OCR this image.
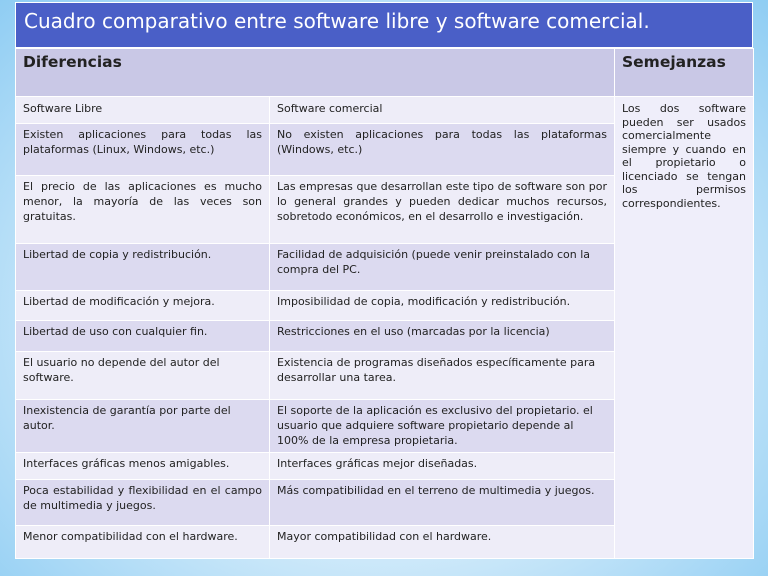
Cuadro comparativo entre software libre y software comercial.
Diferencias		Semejanzas
Software Libre	Software comercial	Los dos software pueden ser usados comercialmente siempre y cuando en el propietario o licenciado se tengan los permisos correspondientes.
Existen aplicaciones para todas las plataformas (Linux, Windows, etc.)	No existen aplicaciones para todas las plataformas (Windows, etc.)	
El precio de las aplicaciones es mucho menor, la mayoría de las veces son gratuitas.	Las empresas que desarrollan este tipo de software son por lo general grandes y pueden dedicar muchos recursos, sobretodo económicos, en el desarrollo e investigación.	
Libertad de copia y redistribución.	Facilidad de adquisición (puede venir preinstalado con la compra del PC.	
Libertad de modificación y mejora.	Imposibilidad de copia, modificación y redistribución.	
Libertad de uso con cualquier fin.	Restricciones en el uso (marcadas por la licencia)	
El usuario no depende del autor del software.	Existencia de programas diseñados específicamente para desarrollar una tarea.	
Inexistencia de garantía por parte del autor.	El soporte de la aplicación es exclusivo del propietario. el usuario que adquiere software propietario depende al 100% de la empresa propietaria.	
Interfaces gráficas menos amigables.	Interfaces gráficas mejor diseñadas.	
Poca estabilidad y flexibilidad en el campo de multimedia y juegos.	Más compatibilidad en el terreno de multimedia y juegos.	
Menor compatibilidad con el hardware.	Mayor compatibilidad con el hardware.	
